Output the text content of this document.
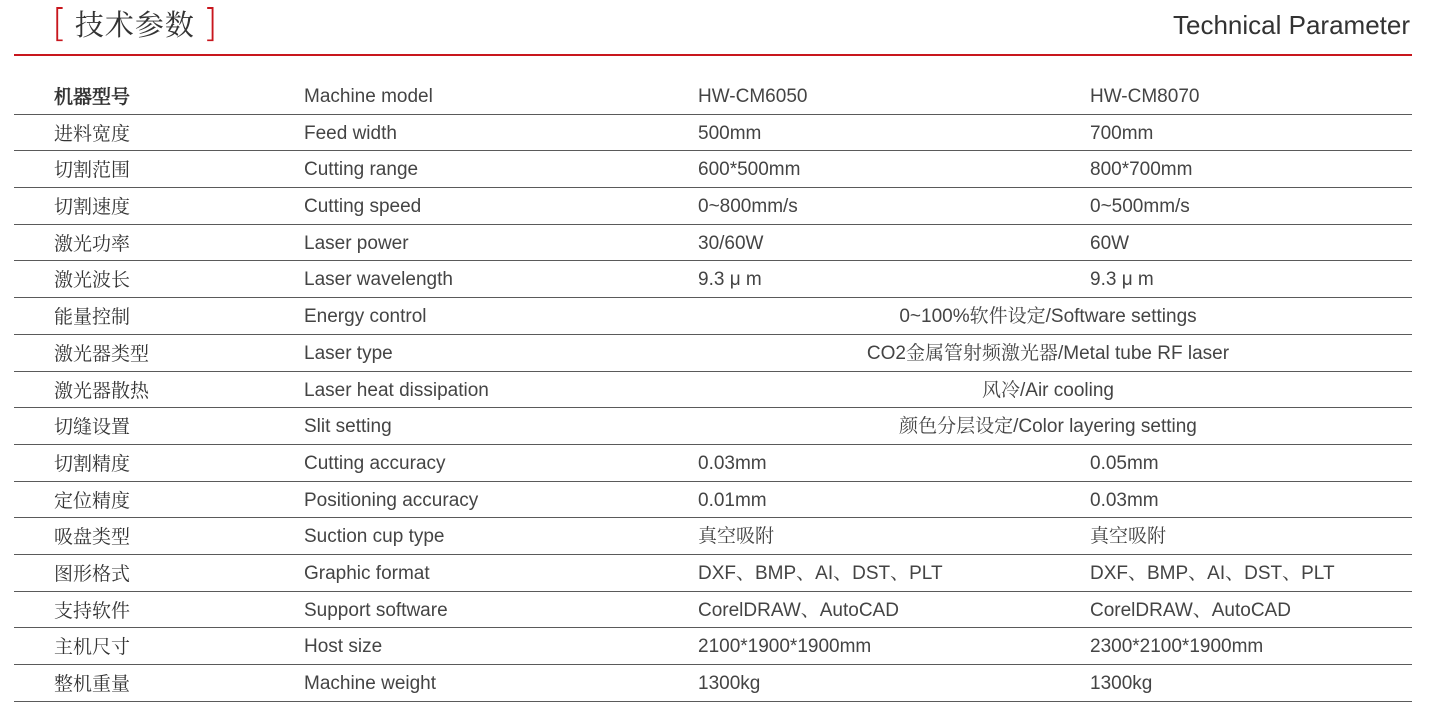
[ 技术参数 ]	Technical Parameter
机器型号	Machine model	HW-CM6050	HW-CM8070
进料宽度	Feed width	500mm	700mm
切割范围	Cutting range	600*500mm	800*700mm
切割速度	Cutting speed	0~800mm/s	0~500mm/s
激光功率	Laser power	30/60W	60W
激光波长	Laser wavelength	9.3 μ m	9.3 μ m
能量控制	Energy control	0~100%软件设定/Software settings
激光器类型	Laser type	CO2金属管射频激光器/Metal tube RF laser
激光器散热	Laser heat dissipation	风冷/Air cooling
切缝设置	Slit setting	颜色分层设定/Color layering setting
切割精度	Cutting accuracy	0.03mm	0.05mm
定位精度	Positioning accuracy	0.01mm	0.03mm
吸盘类型	Suction cup type	真空吸附	真空吸附
图形格式	Graphic format	DXF、BMP、AI、DST、PLT	DXF、BMP、AI、DST、PLT
支持软件	Support software	CorelDRAW、AutoCAD	CorelDRAW、AutoCAD
主机尺寸	Host size	2100*1900*1900mm	2300*2100*1900mm
整机重量	Machine weight	1300kg	1300kg
